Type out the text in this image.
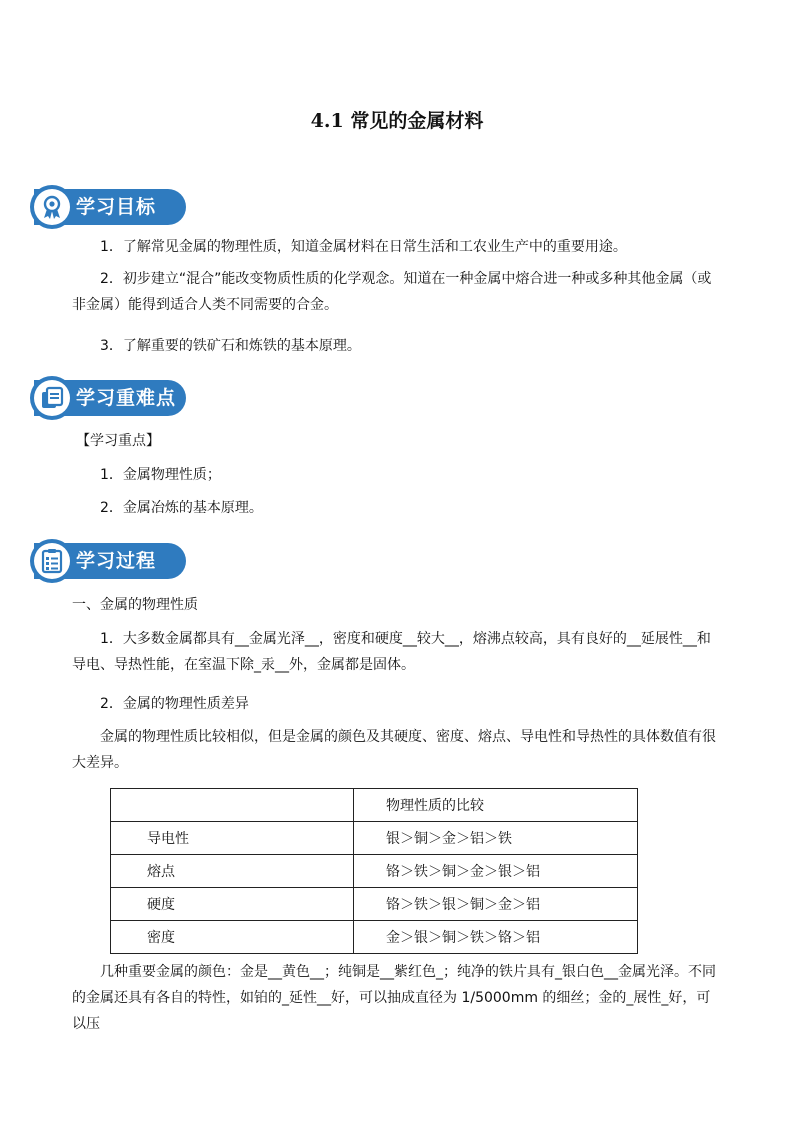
4.1 常见的金属材料
学习目标

1．了解常见金属的物理性质，知道金属材料在日常生活和工农业生产中的重要用途。

2．初步建立“混合”能改变物质性质的化学观念。知道在一种金属中熔合进一种或多种其他金属（或非金属）能得到适合人类不同需要的合金。

3．了解重要的铁矿石和炼铁的基本原理。

学习重难点

【学习重点】

1．金属物理性质；

2．金属冶炼的基本原理。

学习过程

一、金属的物理性质

1．大多数金属都具有__金属光泽__，密度和硬度__较大__，熔沸点较高，具有良好的__延展性__和导电、导热性能，在室温下除_汞__外，金属都是固体。

2．金属的物理性质差异

金属的物理性质比较相似，但是金属的颜色及其硬度、密度、熔点、导电性和导热性的具体数值有很大差异。

	物理性质的比较
导电性	银＞铜＞金＞铝＞铁
熔点	铬＞铁＞铜＞金＞银＞铝
硬度	铬＞铁＞银＞铜＞金＞铝
密度	金＞银＞铜＞铁＞铬＞铝

几种重要金属的颜色：金是__黄色__；纯铜是__紫红色_；纯净的铁片具有_银白色__金属光泽。不同的金属还具有各自的特性，如铂的_延性__好，可以抽成直径为 1/5000mm 的细丝；金的_展性_好，可以压
